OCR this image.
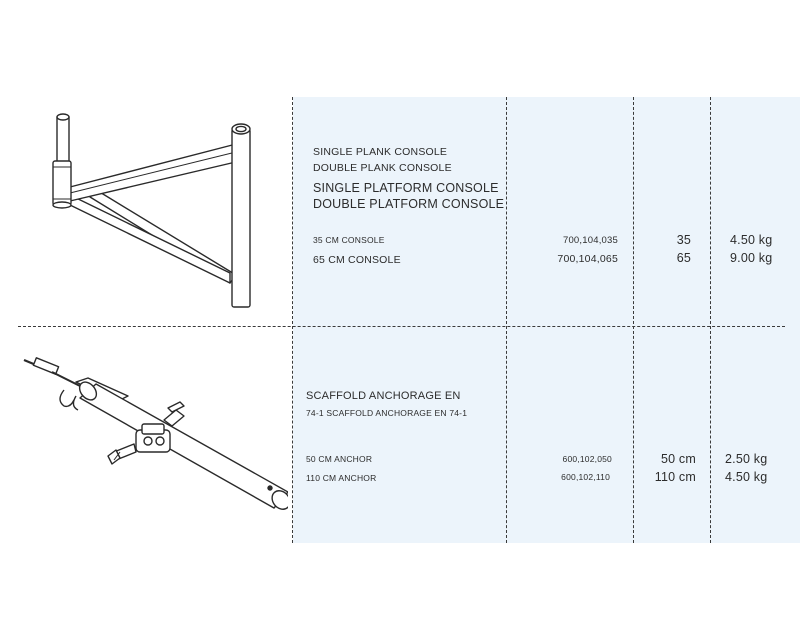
SINGLE PLANK CONSOLE
DOUBLE PLANK CONSOLE
SINGLE PLATFORM CONSOLE
DOUBLE PLATFORM CONSOLE
35 CM CONSOLE
65 CM CONSOLE
700,104,035
700,104,065
35
65
4.50 kg
9.00 kg
SCAFFOLD ANCHORAGE EN
74-1 SCAFFOLD ANCHORAGE EN 74-1
50 CM ANCHOR
110 CM ANCHOR
600,102,050
600,102,110
50 cm
110 cm
2.50 kg
4.50 kg
